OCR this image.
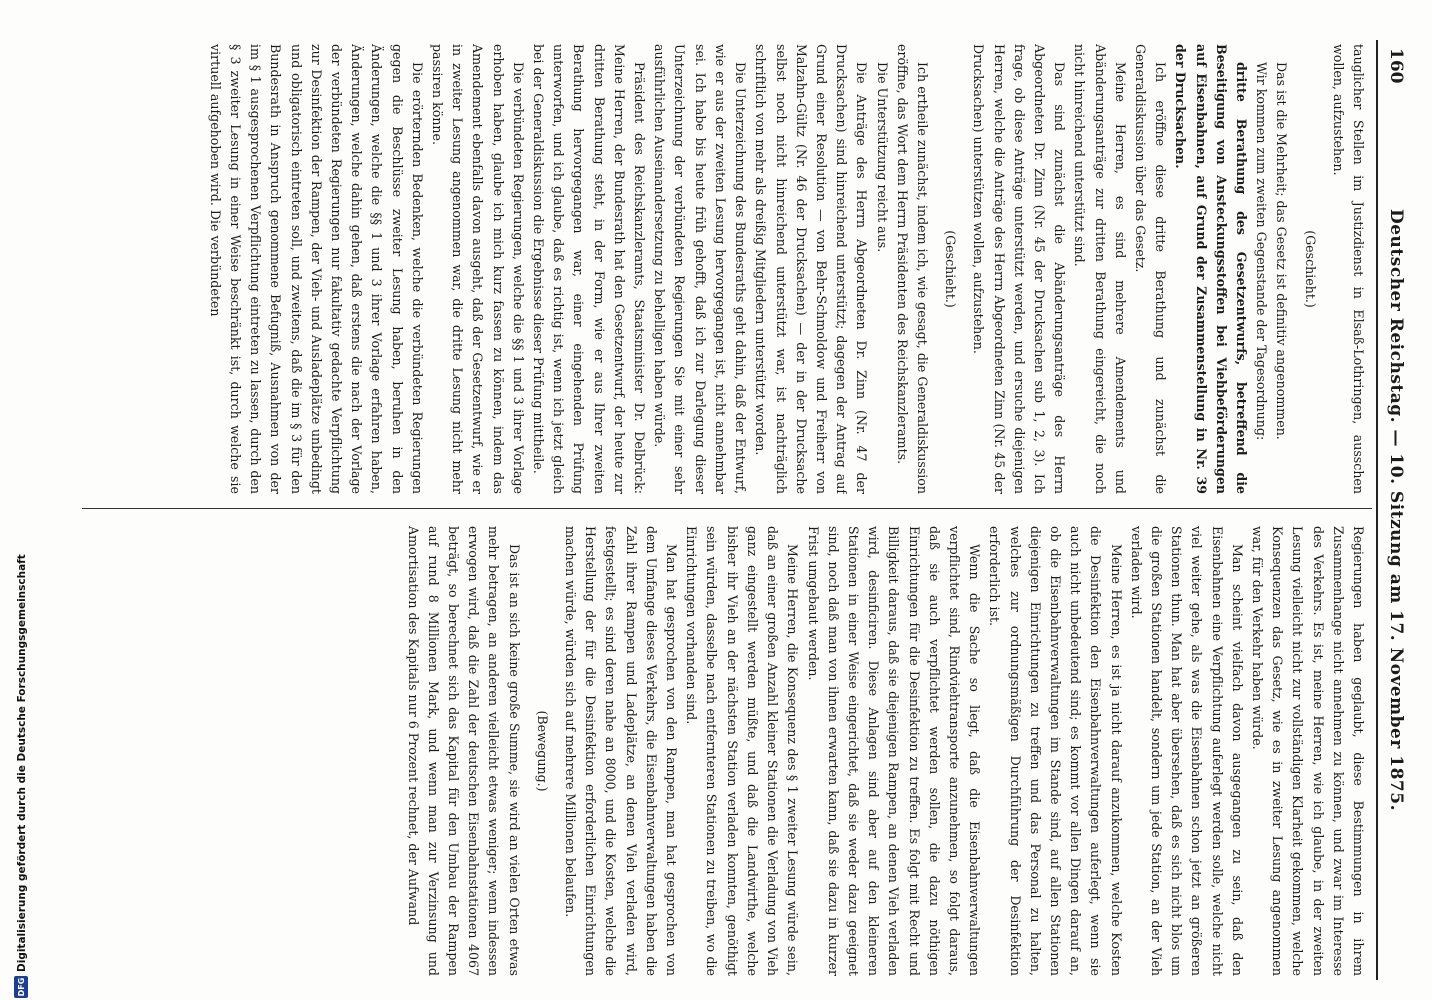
160
Deutscher Reichstag. — 10. Sitzung am 17. November 1875.

tauglicher Stellen im Justizdienst in Elsaß-Lothringen, ausschen wollen, aufzustehen.

(Geschieht.)

Das ist die Mehrheit; das Gesetz ist definitiv angenommen.

Wir kommen zum zweiten Gegenstande der Tagesordnung:

dritte Berathung des Gesetzentwurfs, betreffend die Beseitigung von Ansteckungsstoffen bei Viehbeförderungen auf Eisenbahnen, auf Grund der Zusammenstellung in Nr. 39 der Drucksachen.

Ich eröffne diese dritte Berathung und zunächst die Generaldiskussion über das Gesetz.

Meine Herren, es sind mehrere Amendements und Abänderungsanträge zur dritten Berathung eingereicht, die noch nicht hinreichend unterstützt sind.

Das sind zunächst die Abänderungsanträge des Herrn Abgeordneten Dr. Zinn (Nr. 45 der Drucksachen sub 1, 2, 3). Ich frage, ob diese Anträge unterstützt werden, und ersuche diejenigen Herren, welche die Anträge des Herrn Abgeordneten Zinn (Nr. 45 der Drucksachen) unterstützen wollen, aufzustehen.

(Geschieht.)

Ich ertheile zunächst, indem ich, wie gesagt, die Generaldiskussion eröffne, das Wort dem Herrn Präsidenten des Reichskanzleramts.

Die Unterstützung reicht aus.

Die Anträge des Herrn Abgeordneten Dr. Zinn (Nr. 47 der Drucksachen) sind hinreichend unterstützt; dagegen der Antrag auf Grund einer Resolution — von Behr-Schmoldow und Freiherr von Malzahn-Gültz (Nr. 46 der Drucksachen) — der in der Drucksache selbst noch nicht hinreichend unterstützt war, ist nachträglich schriftlich von mehr als dreißig Mitgliedern unterstützt worden.

Die Unterzeichnung des Bundesraths geht dahin, daß der Entwurf, wie er aus der zweiten Lesung hervorgegangen ist, nicht annehmbar sei. Ich habe bis heute früh gehofft, daß ich zur Darlegung dieser Unterzeichnung der verbündeten Regierungen Sie mit einer sehr ausführlichen Auseinandersetzung zu behelligen haben würde.

Präsident des Reichskanzleramts, Staatsminister Dr. Delbrück: Meine Herren, der Bundesrath hat den Gesetzentwurf, der heute zur dritten Berathung steht, in der Form, wie er aus Ihrer zweiten Berathung hervorgegangen war, einer eingehenden Prüfung unterworfen, und ich glaube, daß es richtig ist, wenn ich jetzt gleich bei der Generaldiskussion die Ergebnisse dieser Prüfung mittheile.

Die verbündeten Regierungen, welche die §§ 1 und 3 ihrer Vorlage erhoben haben, glaube ich mich kurz fassen zu können, indem das Amendement ebenfalls davon ausgeht, daß der Gesetzentwurf, wie er in zweiter Lesung angenommen war, die dritte Lesung nicht mehr passiren könne.

Die erörternden Bedenken, welche die verbündeten Regierungen gegen die Beschlüsse zweiter Lesung haben, beruhen in den Änderungen, welche die §§ 1 und 3 ihrer Vorlage erfahren haben, Änderungen, welche dahin gehen, daß erstens die nach der Vorlage der verbündeten Regierungen nur fakultativ gedachte Verpflichtung zur Desinfektion der Rampen, der Vieh- und Ausladeplätze unbedingt und obligatorisch eintreten soll, und zweitens, daß die im § 3 für den Bundesrath in Anspruch genommene Befugniß, Ausnahmen von der im § 1 ausgesprochenen Verpflichtung eintreten zu lassen, durch den § 3 zweiter Lesung in einer Weise beschränkt ist, durch welche sie virtuell aufgehoben wird. Die verbündeten

Regierungen haben geglaubt, diese Bestimmungen in ihrem Zusammenhange nicht annehmen zu können, und zwar im Interesse des Verkehrs. Es ist, meine Herren, wie ich glaube, in der zweiten Lesung vielleicht nicht zur vollständigen Klarheit gekommen, welche Konsequenzen das Gesetz, wie es in zweiter Lesung angenommen war, für den Verkehr haben würde.

Man scheint vielfach davon ausgegangen zu sein, daß den Eisenbahnen eine Verpflichtung auferlegt werden solle, welche nicht viel weiter gehe, als was die Eisenbahnen schon jetzt an größeren Stationen thun. Man hat aber übersehen, daß es sich nicht blos um die großen Stationen handelt, sondern um jede Station, an der Vieh verladen wird.

Meine Herren, es ist ja nicht darauf anzukommen, welche Kosten die Desinfektion den Eisenbahnverwaltungen auferlegt, wenn sie auch nicht unbedeutend sind; es kommt vor allen Dingen darauf an, ob die Eisenbahnverwaltungen im Stande sind, auf allen Stationen diejenigen Einrichtungen zu treffen und das Personal zu halten, welches zur ordnungsmäßigen Durchführung der Desinfektion erforderlich ist.

Wenn die Sache so liegt, daß die Eisenbahnverwaltungen verpflichtet sind, Rindviehtransporte anzunehmen, so folgt daraus, daß sie auch verpflichtet werden sollen, die dazu nöthigen Einrichtungen für die Desinfektion zu treffen. Es folgt mit Recht und Billigkeit daraus, daß sie diejenigen Rampen, an denen Vieh verladen wird, desinficiren. Diese Anlagen sind aber auf den kleineren Stationen in einer Weise eingerichtet, daß sie weder dazu geeignet sind, noch daß man von ihnen erwarten kann, daß sie dazu in kurzer Frist umgebaut werden.

Meine Herren, die Konsequenz des § 1 zweiter Lesung würde sein, daß an einer großen Anzahl kleiner Stationen die Verladung von Vieh ganz eingestellt werden müßte, und daß die Landwirthe, welche bisher ihr Vieh an der nächsten Station verladen konnten, genöthigt sein würden, dasselbe nach entfernteren Stationen zu treiben, wo die Einrichtungen vorhanden sind.

Man hat gesprochen von den Rampen, man hat gesprochen von dem Umfange dieses Verkehrs, die Eisenbahnverwaltungen haben die Zahl ihrer Rampen und Ladeplätze, an denen Vieh verladen wird, festgestellt; es sind deren nahe an 8000, und die Kosten, welche die Herstellung der für die Desinfektion erforderlichen Einrichtungen machen würde, würden sich auf mehrere Millionen belaufen.

(Bewegung.)

Das ist an sich keine große Summe, sie wird an vielen Orten etwas mehr betragen, an anderen vielleicht etwas weniger; wenn indessen erwogen wird, daß die Zahl der deutschen Eisenbahnstationen 4067 beträgt, so berechnet sich das Kapital für den Umbau der Rampen auf rund 8 Millionen Mark, und wenn man zur Verzinsung und Amortisation des Kapitals nur 6 Prozent rechnet, der Aufwand

DFG
Digitalisierung gefördert durch die Deutsche Forschungsgemeinschaft
